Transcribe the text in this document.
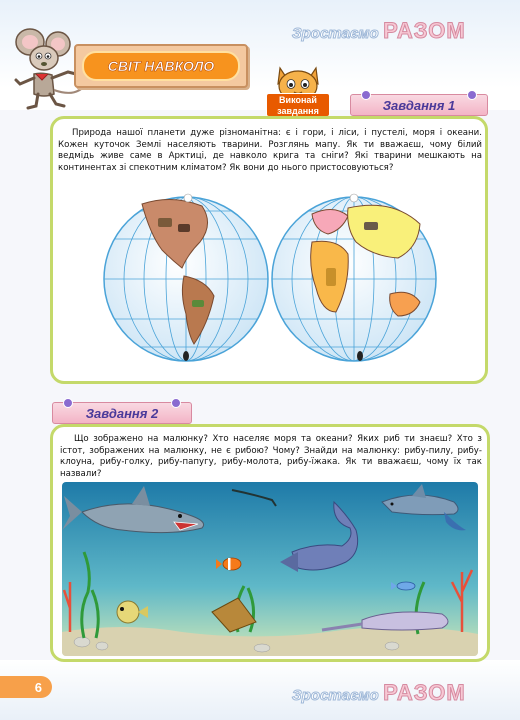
Зростаємо РАЗОМ
СВІТ НАВКОЛО
Виконай завдання	Завдання 1
Природа нашої планети дуже різноманітна: є і гори, і ліси, і пустелі, моря і океани. Кожен куточок Землі населяють тварини. Розглянь мапу. Як ти вважаєш, чому білий ведмідь живе саме в Арктиці, де навколо крига та сніги? Які тварини мешкають на континентах зі спекотним кліматом? Як вони до нього пристосовуються?
Завдання 2
Що зображено на малюнку? Хто населяє моря та океани? Яких риб ти знаєш? Хто з істот, зображених на малюнку, не є рибою? Чому? Знайди на малюнку: рибу-пилу, рибу-клоуна, рибу-голку, рибу-папугу, рибу-молота, рибу-їжака. Як ти вважаєш, чому їх так назвали?
Зростаємо РАЗОМ
6
